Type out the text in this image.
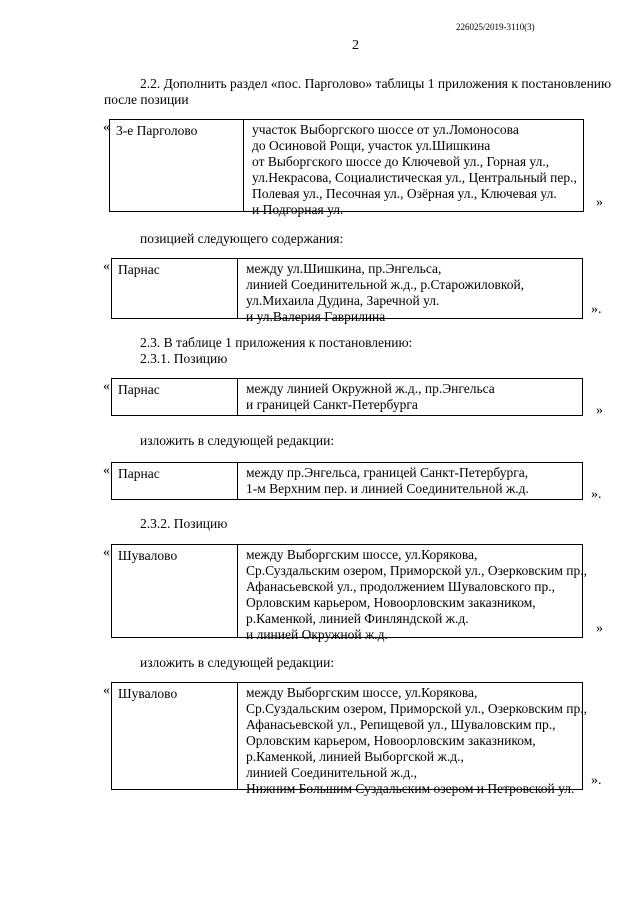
226025/2019-3110(3)
2
2.2. Дополнить раздел «пос. Парголово» таблицы 1 приложения к постановлению
после позиции
« 3-е Парголово	участок Выборгского шоссе от ул.Ломоносова
до Осиновой Рощи, участок ул.Шишкина
от Выборгского шоссе до Ключевой ул., Горная ул.,
ул.Некрасова, Социалистическая ул., Центральный пер.,
Полевая ул., Песочная ул., Озёрная ул., Ключевая ул.
и Подгорная ул.	»
позицией следующего содержания:
« Парнас	между ул.Шишкина, пр.Энгельса,
линией Соединительной ж.д., р.Старожиловкой,
ул.Михаила Дудина, Заречной ул.
и ул.Валерия Гаврилина	».
2.3. В таблице 1 приложения к постановлению:
2.3.1. Позицию
« Парнас	между линией Окружной ж.д., пр.Энгельса
и границей Санкт-Петербурга	»
изложить в следующей редакции:
« Парнас	между пр.Энгельса, границей Санкт-Петербурга,
1-м Верхним пер. и линией Соединительной ж.д.	».
2.3.2. Позицию
« Шувалово	между Выборгским шоссе, ул.Корякова,
Ср.Суздальским озером, Приморской ул., Озерковским пр.,
Афанасьевской ул., продолжением Шуваловского пр.,
Орловским карьером, Новоорловским заказником,
р.Каменкой, линией Финляндской ж.д.
и линией Окружной ж.д.	»
изложить в следующей редакции:
« Шувалово	между Выборгским шоссе, ул.Корякова,
Ср.Суздальским озером, Приморской ул., Озерковским пр.,
Афанасьевской ул., Репищевой ул., Шуваловским пр.,
Орловским карьером, Новоорловским заказником,
р.Каменкой, линией Выборгской ж.д.,
линией Соединительной ж.д.,
Нижним Большим Суздальским озером и Петровской ул.
».
